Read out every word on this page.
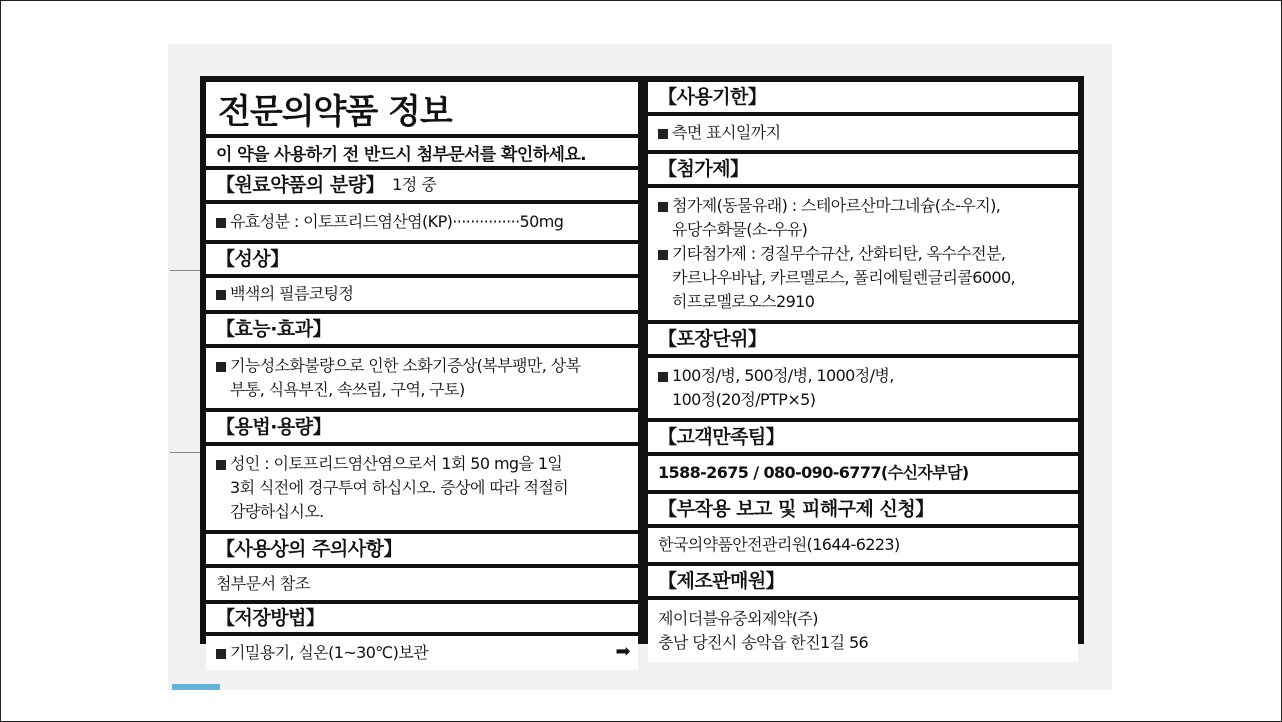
전문의약품 정보
이 약을 사용하기 전 반드시 첨부문서를 확인하세요.
【원료약품의 분량】 1정 중
유효성분 : 이토프리드염산염(KP)···············50mg
【성상】
백색의 필름코팅정
【효능·효과】
기능성소화불량으로 인한 소화기증상(복부팽만, 상복
부통, 식욕부진, 속쓰림, 구역, 구토)
【용법·용량】
성인 : 이토프리드염산염으로서 1회 50 mg을 1일
3회 식전에 경구투여 하십시오. 증상에 따라 적절히
감량하십시오.
【사용상의 주의사항】
첨부문서 참조
【저장방법】
기밀용기, 실온(1~30℃)보관	➡
【사용기한】
측면 표시일까지
【첨가제】
첨가제(동물유래) : 스테아르산마그네슘(소-우지),
유당수화물(소-우유)
기타첨가제 : 경질무수규산, 산화티탄, 옥수수전분,
카르나우바납, 카르멜로스, 폴리에틸렌글리콜6000,
히프로멜로오스2910
【포장단위】
100정/병, 500정/병, 1000정/병,
100정(20정/PTP×5)
【고객만족팀】
1588-2675 / 080-090-6777(수신자부담)
【부작용 보고 및 피해구제 신청】
한국의약품안전관리원(1644-6223)
【제조판매원】
제이더블유중외제약(주)
충남 당진시 송악읍 한진1길 56
